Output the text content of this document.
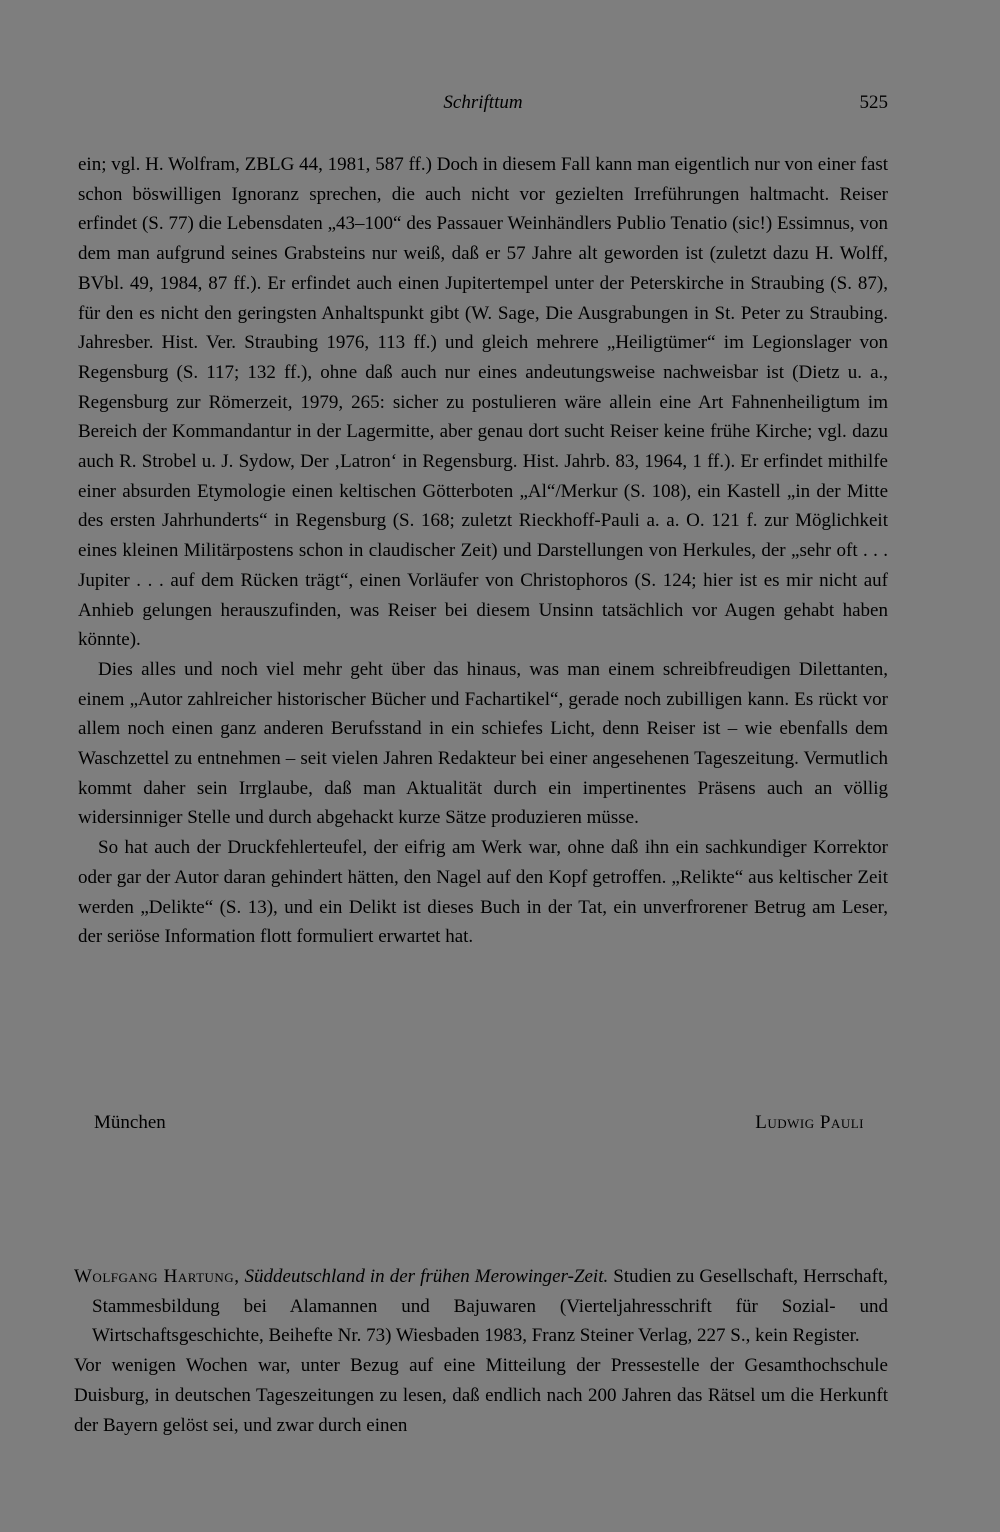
Schrifttum	525

ein; vgl. H. Wolfram, ZBLG 44, 1981, 587 ff.) Doch in diesem Fall kann man eigentlich nur von einer fast schon böswilligen Ignoranz sprechen, die auch nicht vor gezielten Irreführungen haltmacht. Reiser erfindet (S. 77) die Lebensdaten „43–100“ des Passauer Weinhändlers Publio Tenatio (sic!) Essimnus, von dem man aufgrund seines Grabsteins nur weiß, daß er 57 Jahre alt geworden ist (zuletzt dazu H. Wolff, BVbl. 49, 1984, 87 ff.). Er erfindet auch einen Jupitertempel unter der Peterskirche in Straubing (S. 87), für den es nicht den geringsten Anhaltspunkt gibt (W. Sage, Die Ausgrabungen in St. Peter zu Straubing. Jahresber. Hist. Ver. Straubing 1976, 113 ff.) und gleich mehrere „Heiligtümer“ im Legionslager von Regensburg (S. 117; 132 ff.), ohne daß auch nur eines andeutungsweise nachweisbar ist (Dietz u. a., Regensburg zur Römerzeit, 1979, 265: sicher zu postulieren wäre allein eine Art Fahnenheiligtum im Bereich der Kommandantur in der Lagermitte, aber genau dort sucht Reiser keine frühe Kirche; vgl. dazu auch R. Strobel u. J. Sydow, Der ‚Latron‘ in Regensburg. Hist. Jahrb. 83, 1964, 1 ff.). Er erfindet mithilfe einer absurden Etymologie einen keltischen Götterboten „Al“/Merkur (S. 108), ein Kastell „in der Mitte des ersten Jahrhunderts“ in Regensburg (S. 168; zuletzt Rieckhoff-Pauli a. a. O. 121 f. zur Möglichkeit eines kleinen Militärpostens schon in claudischer Zeit) und Darstellungen von Herkules, der „sehr oft . . . Jupiter . . . auf dem Rücken trägt“, einen Vorläufer von Christophoros (S. 124; hier ist es mir nicht auf Anhieb gelungen herauszufinden, was Reiser bei diesem Unsinn tatsächlich vor Augen gehabt haben könnte).

Dies alles und noch viel mehr geht über das hinaus, was man einem schreibfreudigen Dilettanten, einem „Autor zahlreicher historischer Bücher und Fachartikel“, gerade noch zubilligen kann. Es rückt vor allem noch einen ganz anderen Berufsstand in ein schiefes Licht, denn Reiser ist – wie ebenfalls dem Waschzettel zu entnehmen – seit vielen Jahren Redakteur bei einer angesehenen Tageszeitung. Vermutlich kommt daher sein Irrglaube, daß man Aktualität durch ein impertinentes Präsens auch an völlig widersinniger Stelle und durch abgehackt kurze Sätze produzieren müsse.

So hat auch der Druckfehlerteufel, der eifrig am Werk war, ohne daß ihn ein sachkundiger Korrektor oder gar der Autor daran gehindert hätten, den Nagel auf den Kopf getroffen. „Relikte“ aus keltischer Zeit werden „Delikte“ (S. 13), und ein Delikt ist dieses Buch in der Tat, ein unverfrorener Betrug am Leser, der seriöse Information flott formuliert erwartet hat.

München	Ludwig Pauli

Wolfgang Hartung, Süddeutschland in der frühen Merowinger-Zeit. Studien zu Gesellschaft, Herrschaft, Stammesbildung bei Alamannen und Bajuwaren (Vierteljahresschrift für Sozial- und Wirtschaftsgeschichte, Beihefte Nr. 73) Wiesbaden 1983, Franz Steiner Verlag, 227 S., kein Register.

Vor wenigen Wochen war, unter Bezug auf eine Mitteilung der Pressestelle der Gesamthochschule Duisburg, in deutschen Tageszeitungen zu lesen, daß endlich nach 200 Jahren das Rätsel um die Herkunft der Bayern gelöst sei, und zwar durch einen
